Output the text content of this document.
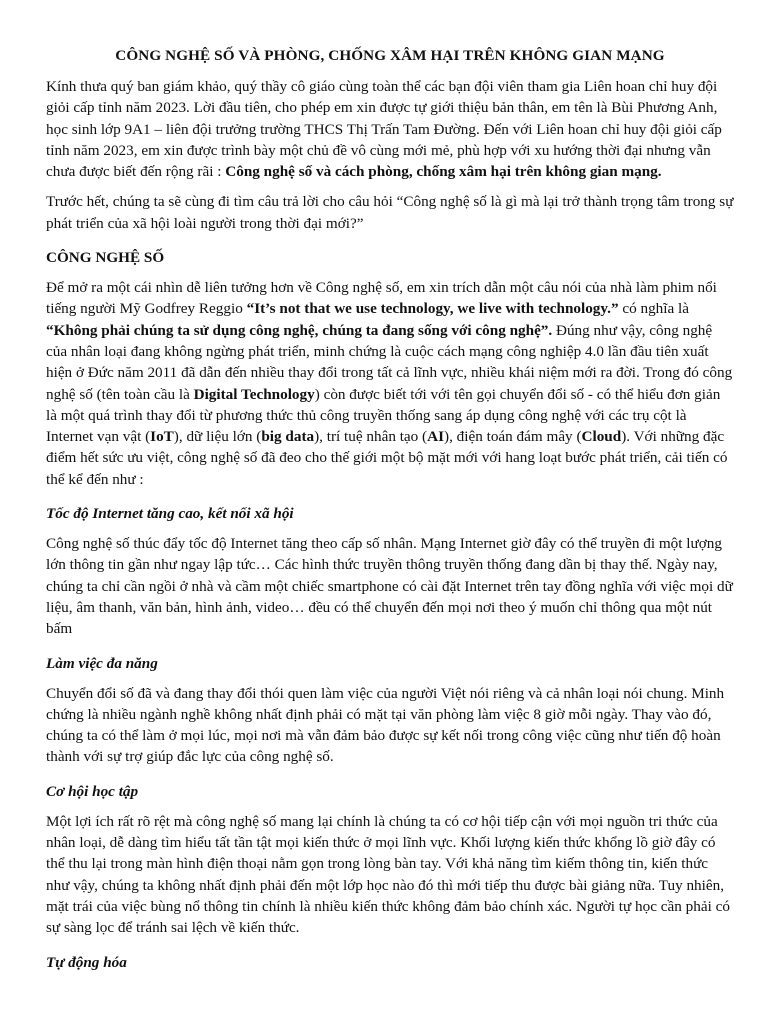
CÔNG NGHỆ SỐ VÀ PHÒNG, CHỐNG XÂM HẠI TRÊN KHÔNG GIAN MẠNG

Kính thưa quý ban giám khảo, quý thầy cô giáo cùng toàn thể các bạn đội viên tham gia Liên hoan chỉ huy đội giỏi cấp tỉnh năm 2023. Lời đầu tiên, cho phép em xin được tự giới thiệu bản thân, em tên là Bùi Phương Anh, học sinh lớp 9A1 – liên đội trưởng trường THCS Thị Trấn Tam Đường. Đến với Liên hoan chỉ huy đội giỏi cấp tỉnh năm 2023, em xin được trình bày một chủ đề vô cùng mới mẻ, phù hợp với xu hướng thời đại nhưng vẫn chưa được biết đến rộng rãi : Công nghệ số và cách phòng, chống xâm hại trên không gian mạng.

Trước hết, chúng ta sẽ cùng đi tìm câu trả lời cho câu hỏi “Công nghệ số là gì mà lại trở thành trọng tâm trong sự phát triển của xã hội loài người trong thời đại mới?”

CÔNG NGHỆ SỐ

Để mở ra một cái nhìn dễ liên tưởng hơn về Công nghệ số, em xin trích dẫn một câu nói của nhà làm phim nổi tiếng người Mỹ Godfrey Reggio “It’s not that we use technology, we live with technology.” có nghĩa là “Không phải chúng ta sử dụng công nghệ, chúng ta đang sống với công nghệ”. Đúng như vậy, công nghệ của nhân loại đang không ngừng phát triển, minh chứng là cuộc cách mạng công nghiệp 4.0 lần đầu tiên xuất hiện ở Đức năm 2011 đã dẫn đến nhiều thay đổi trong tất cả lĩnh vực, nhiều khái niệm mới ra đời. Trong đó công nghệ số (tên toàn cầu là Digital Technology) còn được biết tới với tên gọi chuyển đổi số - có thể hiểu đơn giản là một quá trình thay đổi từ phương thức thủ công truyền thống sang áp dụng công nghệ với các trụ cột là Internet vạn vật (IoT), dữ liệu lớn (big data), trí tuệ nhân tạo (AI), điện toán đám mây (Cloud). Với những đặc điểm hết sức ưu việt, công nghệ số đã đeo cho thế giới một bộ mặt mới với hang loạt bước phát triển, cải tiến có thể kể đến như :

Tốc độ Internet tăng cao, kết nối xã hội

Công nghệ số thúc đẩy tốc độ Internet tăng theo cấp số nhân. Mạng Internet giờ đây có thể truyền đi một lượng lớn thông tin gần như ngay lập tức… Các hình thức truyền thông truyền thống đang dần bị thay thế. Ngày nay, chúng ta chỉ cần ngồi ở nhà và cầm một chiếc smartphone có cài đặt Internet trên tay đồng nghĩa với việc mọi dữ liệu, âm thanh, văn bản, hình ảnh, video… đều có thể chuyển đến mọi nơi theo ý muốn chỉ thông qua một nút bấm

Làm việc đa năng

Chuyển đổi số đã và đang thay đổi thói quen làm việc của người Việt nói riêng và cả nhân loại nói chung. Minh chứng là nhiều ngành nghề không nhất định phải có mặt tại văn phòng làm việc 8 giờ mỗi ngày. Thay vào đó, chúng ta có thể làm ở mọi lúc, mọi nơi mà vẫn đảm bảo được sự kết nối trong công việc cũng như tiến độ hoàn thành với sự trợ giúp đắc lực của công nghệ số.

Cơ hội học tập

Một lợi ích rất rõ rệt mà công nghệ số mang lại chính là chúng ta có cơ hội tiếp cận với mọi nguồn tri thức của nhân loại, dễ dàng tìm hiểu tất tần tật mọi kiến thức ở mọi lĩnh vực. Khối lượng kiến thức khổng lồ giờ đây có thể thu lại trong màn hình điện thoại nằm gọn trong lòng bàn tay. Với khả năng tìm kiếm thông tin, kiến thức như vậy, chúng ta không nhất định phải đến một lớp học nào đó thì mới tiếp thu được bài giảng nữa. Tuy nhiên, mặt trái của việc bùng nổ thông tin chính là nhiều kiến thức không đảm bảo chính xác. Người tự học cần phải có sự sàng lọc để tránh sai lệch về kiến thức.

Tự động hóa
